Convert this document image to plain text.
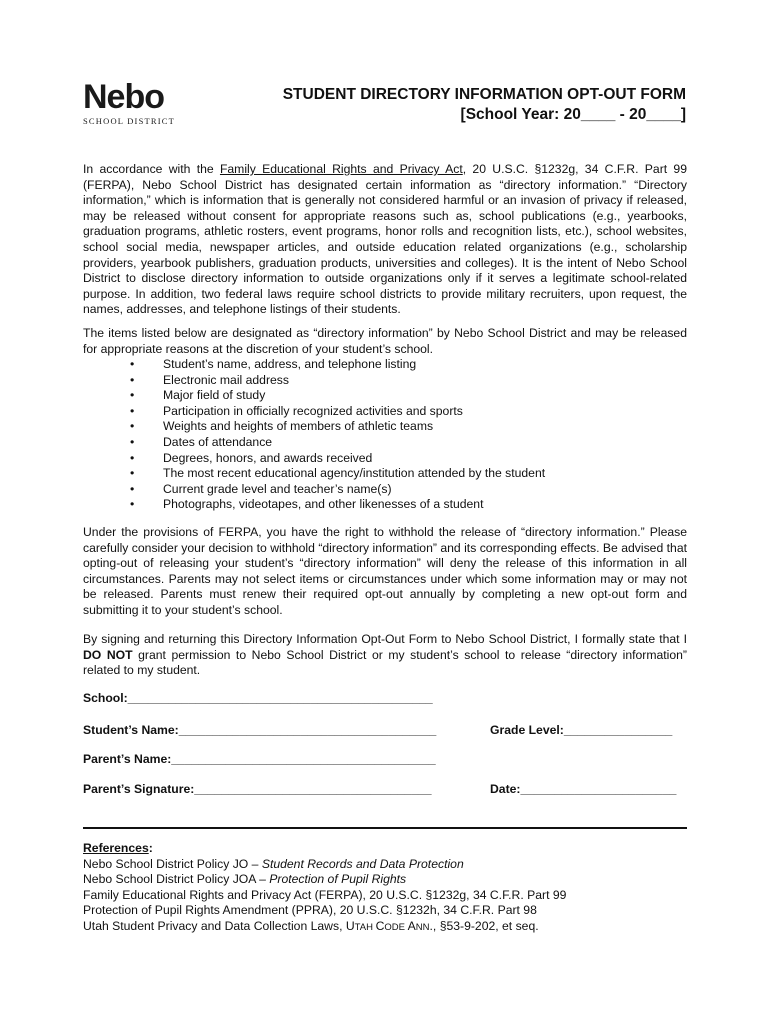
Nebo
SCHOOL DISTRICT
STUDENT DIRECTORY INFORMATION OPT-OUT FORM
[School Year: 20____ - 20____]
In accordance with the Family Educational Rights and Privacy Act, 20 U.S.C. §1232g, 34 C.F.R. Part 99 (FERPA), Nebo School District has designated certain information as “directory information.” “Directory information,” which is information that is generally not considered harmful or an invasion of privacy if released, may be released without consent for appropriate reasons such as, school publications (e.g., yearbooks, graduation programs, athletic rosters, event programs, honor rolls and recognition lists, etc.), school websites, school social media, newspaper articles, and outside education related organizations (e.g., scholarship providers, yearbook publishers, graduation products, universities and colleges). It is the intent of Nebo School District to disclose directory information to outside organizations only if it serves a legitimate school-related purpose. In addition, two federal laws require school districts to provide military recruiters, upon request, the names, addresses, and telephone listings of their students.
The items listed below are designated as “directory information” by Nebo School District and may be released for appropriate reasons at the discretion of your student’s school.
• Student’s name, address, and telephone listing
• Electronic mail address
• Major field of study
• Participation in officially recognized activities and sports
• Weights and heights of members of athletic teams
• Dates of attendance
• Degrees, honors, and awards received
• The most recent educational agency/institution attended by the student
• Current grade level and teacher’s name(s)
• Photographs, videotapes, and other likenesses of a student
Under the provisions of FERPA, you have the right to withhold the release of “directory information.” Please carefully consider your decision to withhold “directory information” and its corresponding effects. Be advised that opting-out of releasing your student’s “directory information” will deny the release of this information in all circumstances. Parents may not select items or circumstances under which some information may or may not be released. Parents must renew their required opt-out annually by completing a new opt-out form and submitting it to your student’s school.
By signing and returning this Directory Information Opt-Out Form to Nebo School District, I formally state that I DO NOT grant permission to Nebo School District or my student’s school to release “directory information” related to my student.
School:_____________________________________________
Student’s Name:______________________________________	Grade Level:________________
Parent’s Name:_______________________________________
Parent’s Signature:___________________________________	Date:_______________________
References:
Nebo School District Policy JO – Student Records and Data Protection
Nebo School District Policy JOA – Protection of Pupil Rights
Family Educational Rights and Privacy Act (FERPA), 20 U.S.C. §1232g, 34 C.F.R. Part 99
Protection of Pupil Rights Amendment (PPRA), 20 U.S.C. §1232h, 34 C.F.R. Part 98
Utah Student Privacy and Data Collection Laws, UTAH CODE ANN., §53-9-202, et seq.
